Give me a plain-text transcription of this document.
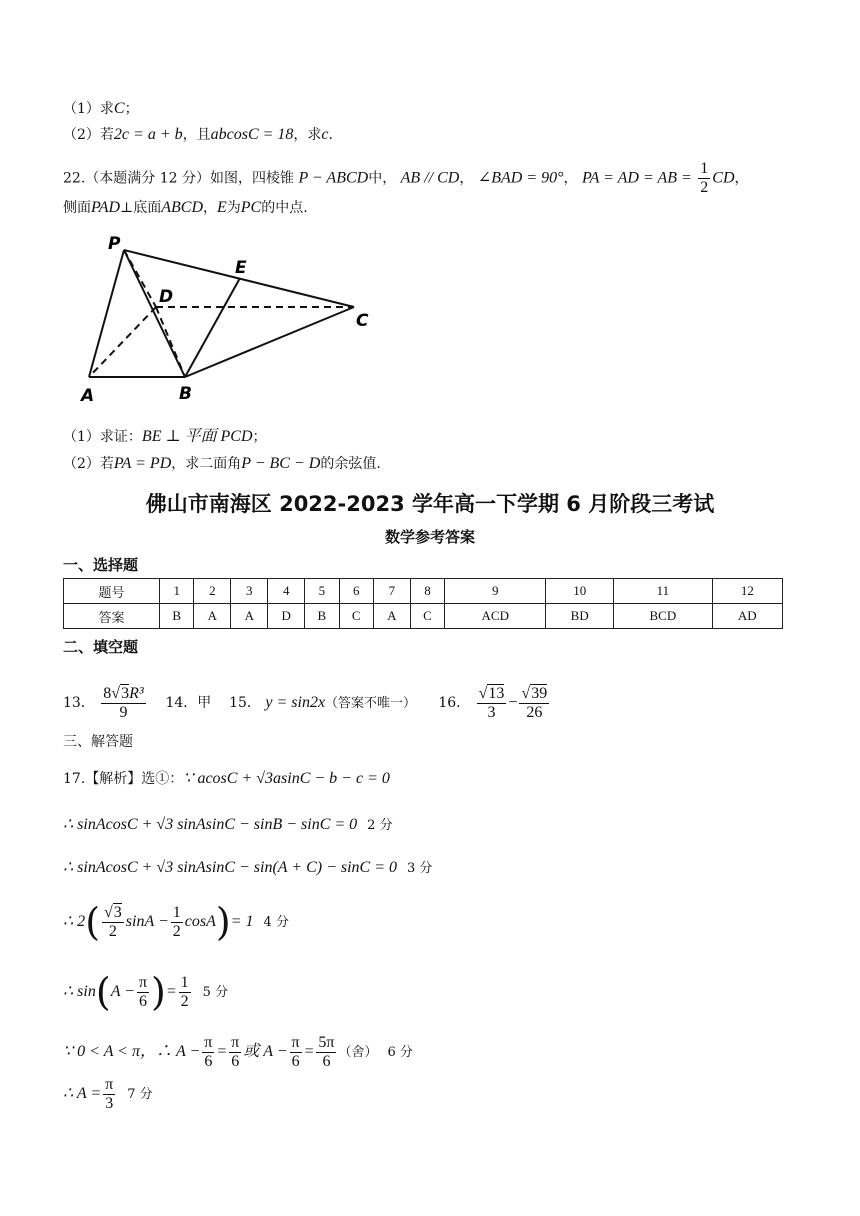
（1）求C；
（2）若2c = a + b，且abcosC = 18，求c.
22.（本题满分 12 分）如图，四棱锥 P − ABCD中， AB // CD， ∠BAD = 90°， PA = AD = AB = $\frac{1}{2}$ CD，
侧面PAD⊥底面ABCD，E为PC的中点.
P
E
D
C
A	B
（1）求证：BE ⊥ 平面 PCD；
（2）若PA = PD，求二面角P − BC − D的余弦值.
佛山市南海区 2022-2023 学年高一下学期 6 月阶段三考试
数学参考答案
一、选择题
题号	1	2	3	4	5	6	7	8	9	10	11	12
答案	B	A	A	D	B	C	A	C	ACD	BD	BCD	AD
二、填空题
13． $\frac{\text{8√3R³}}{9} 14$．甲 15． y = sin2x（答案不唯一） 16． $\frac{√13}{3} - \frac{√39}{26}$
三、解答题
17.【解析】选①：∵ acosC + √3asinC − b − c = 0
∴ sinAcosC + √3 sinAsinC − sinB − sinC = 0 2 分
∴ sinAcosC + √3 sinAsinC − sin(A + C) − sinC = 0 3 分
∴ $2( \frac{√3}{2}$ $\sin A - \frac{1}{2} \cos A)= 1$ 4 分
∴ $\sin(A - \frac{\pi}{6}$ )= $\frac{1}{2} 5$ 分
∵ 0 < A < π，∴ $A - \frac{\pi}{6} = \frac{\pi}{6}$ 或 $A - \frac{\pi}{6} = \frac{5\pi}{6}$ （舍） 6 分
∴ $A = \frac{\pi}{3} 7$ 分
